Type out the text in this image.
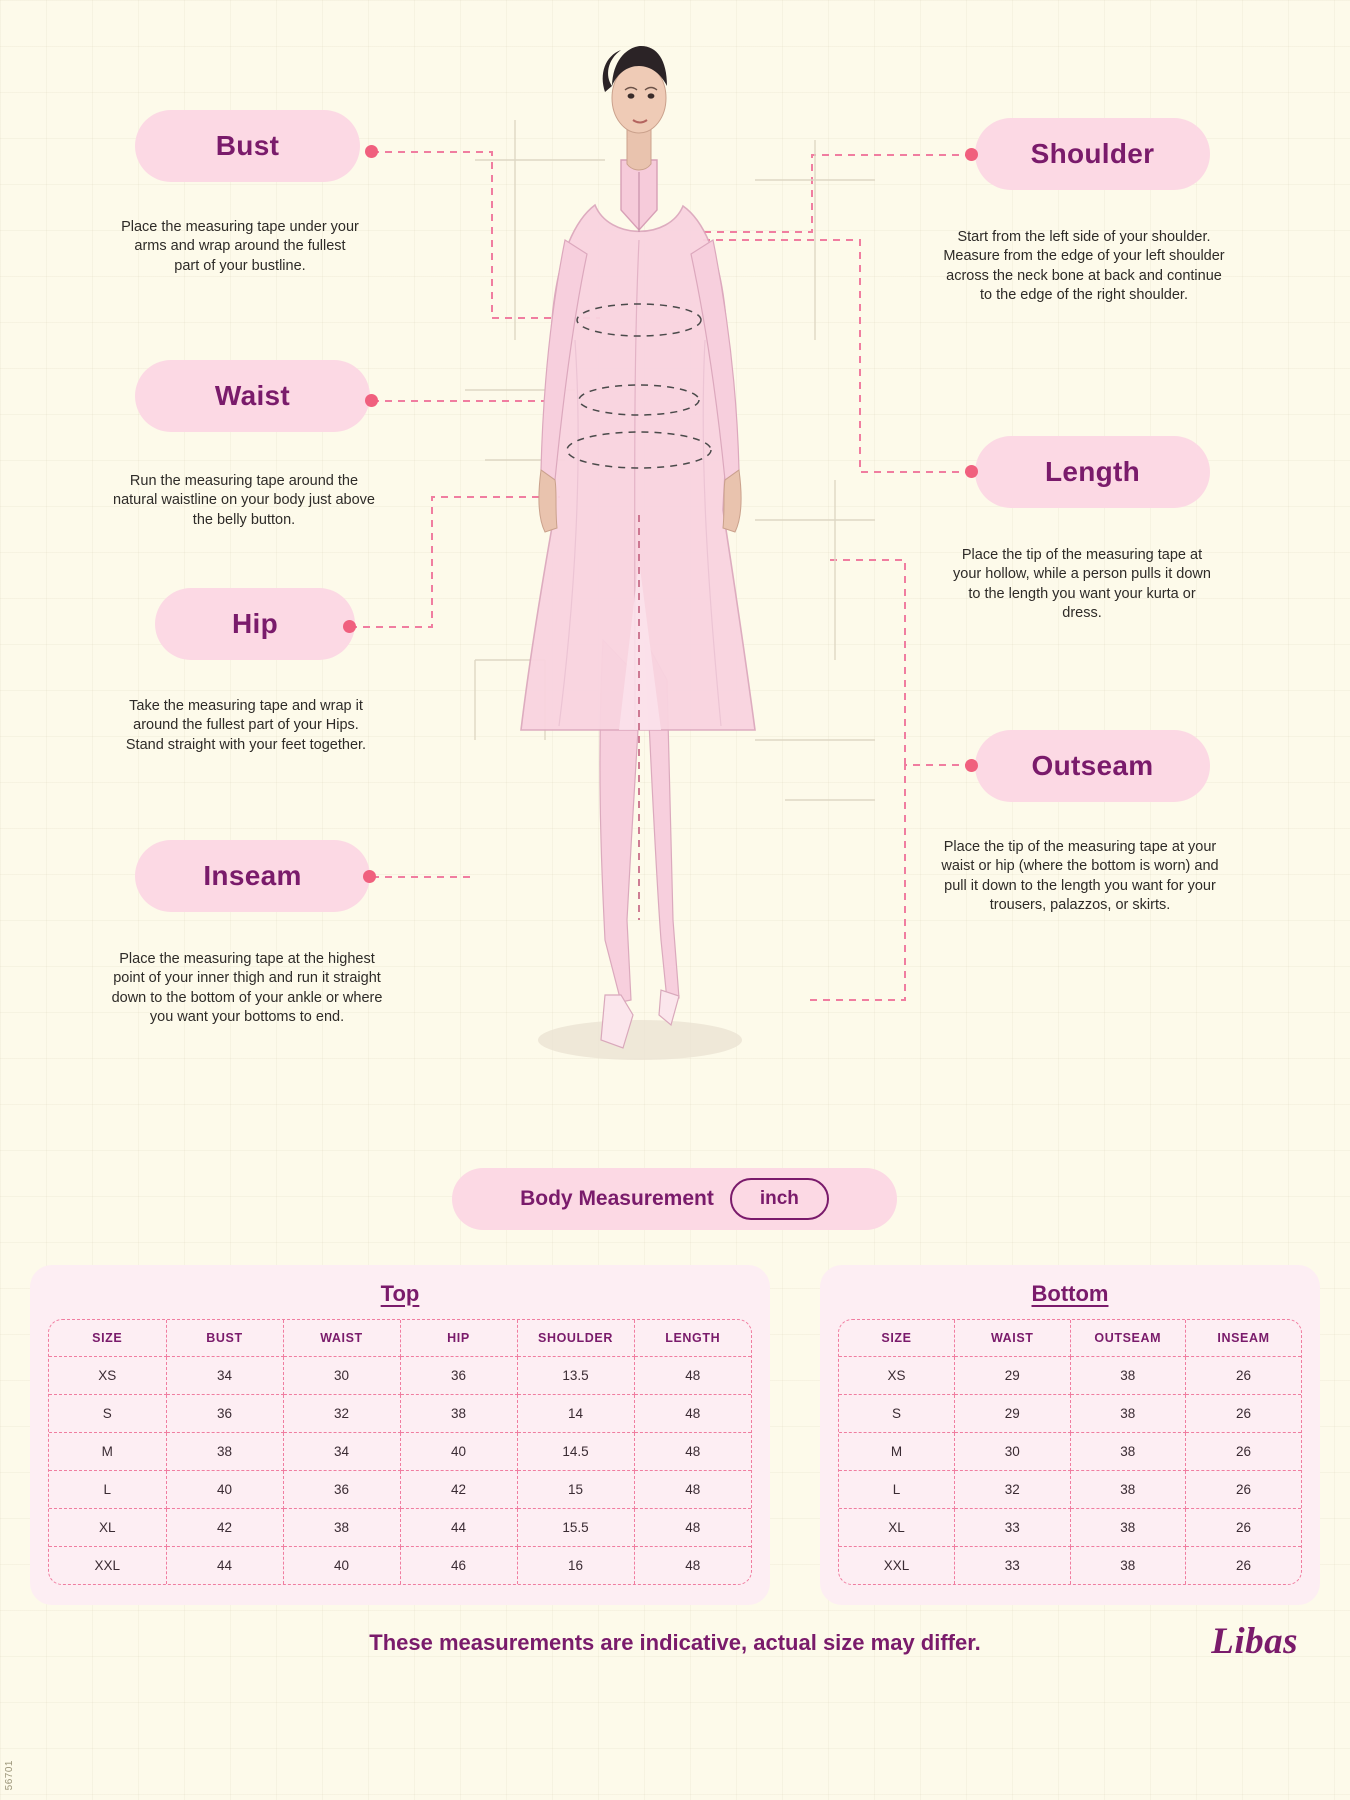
56701
Bust
Place the measuring tape under your arms and wrap around the fullest part of your bustline.
Waist
Run the measuring tape around the natural waistline on your body just above the belly button.
Hip
Take the measuring tape and wrap it around the fullest part of your Hips. Stand straight with your feet together.
Inseam
Place the measuring tape at the highest point of your inner thigh and run it straight down to the bottom of your ankle or where you want your bottoms to end.
Shoulder
Start from the left side of your shoulder. Measure from the edge of your left shoulder across the neck bone at back and continue to the edge of the right shoulder.
Length
Place the tip of the measuring tape at your hollow, while a person pulls it down to the length you want your kurta or dress.
Outseam
Place the tip of the measuring tape at your waist or hip (where the bottom is worn) and pull it down to the length you want for your trousers, palazzos, or skirts.
Body Measurement	inch
Top
SIZE	BUST	WAIST	HIP	SHOULDER	LENGTH
XS	34	30	36	13.5	48
S	36	32	38	14	48
M	38	34	40	14.5	48
L	40	36	42	15	48
XL	42	38	44	15.5	48
XXL	44	40	46	16	48
Bottom
SIZE	WAIST	OUTSEAM	INSEAM
XS	29	38	26
S	29	38	26
M	30	38	26
L	32	38	26
XL	33	38	26
XXL	33	38	26
These measurements are indicative, actual size may differ.	Libas
